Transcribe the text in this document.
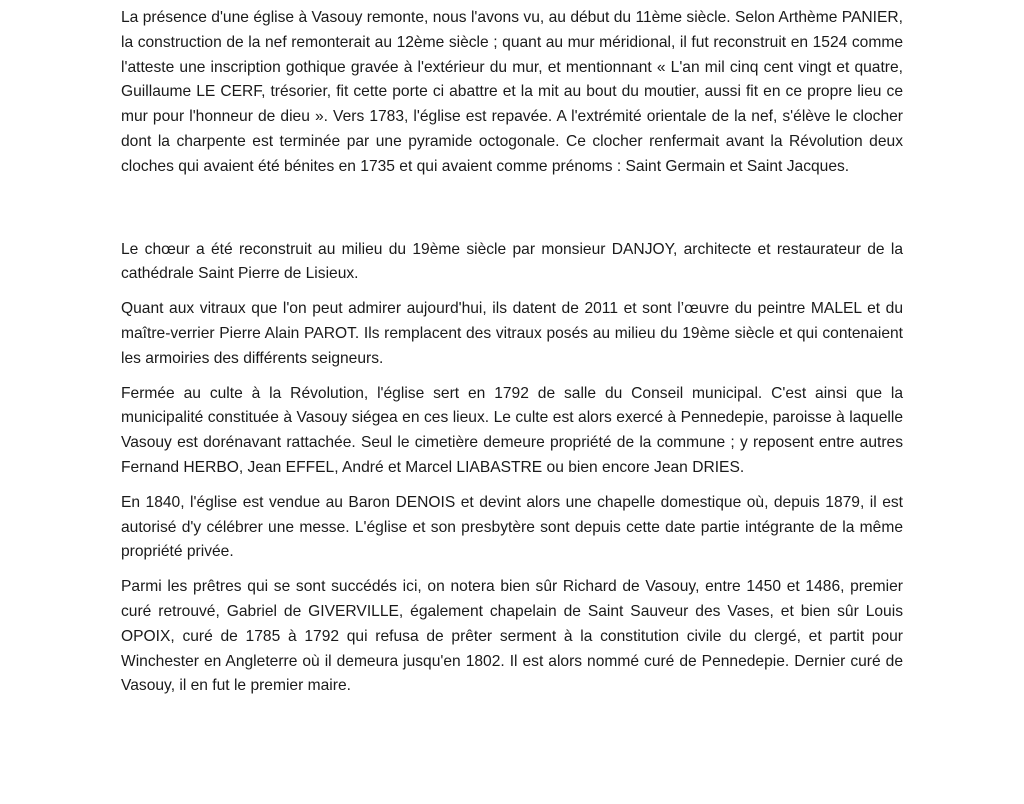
La présence d'une église à Vasouy remonte, nous l'avons vu, au début du 11ème siècle. Selon Arthème PANIER, la construction de la nef remonterait au 12ème siècle ; quant au mur méridional, il fut reconstruit en 1524 comme l'atteste une inscription gothique gravée à l'extérieur du mur, et mentionnant « L'an mil cinq cent vingt et quatre, Guillaume LE CERF, trésorier, fit cette porte ci abattre et la mit au bout du moutier, aussi fit en ce propre lieu ce mur pour l'honneur de dieu ». Vers 1783, l'église est repavée. A l'extrémité orientale de la nef, s'élève le clocher dont la charpente est terminée par une pyramide octogonale. Ce clocher renfermait avant la Révolution deux cloches qui avaient été bénites en 1735 et qui avaient comme prénoms : Saint Germain et Saint Jacques.

Le chœur a été reconstruit au milieu du 19ème siècle par monsieur DANJOY, architecte et restaurateur de la cathédrale Saint Pierre de Lisieux.

Quant aux vitraux que l'on peut admirer aujourd'hui, ils datent de 2011 et sont l’œuvre du peintre MALEL et du maître-verrier Pierre Alain PAROT. Ils remplacent des vitraux posés au milieu du 19ème siècle et qui contenaient les armoiries des différents seigneurs.

Fermée au culte à la Révolution, l'église sert en 1792 de salle du Conseil municipal. C'est ainsi que la municipalité constituée à Vasouy siégea en ces lieux. Le culte est alors exercé à Pennedepie, paroisse à laquelle Vasouy est dorénavant rattachée. Seul le cimetière demeure propriété de la commune ; y reposent entre autres Fernand HERBO, Jean EFFEL, André et Marcel LIABASTRE ou bien encore Jean DRIES.

En 1840, l'église est vendue au Baron DENOIS et devint alors une chapelle domestique où, depuis 1879, il est autorisé d'y célébrer une messe. L'église et son presbytère sont depuis cette date partie intégrante de la même propriété privée.

Parmi les prêtres qui se sont succédés ici, on notera bien sûr Richard de Vasouy, entre 1450 et 1486, premier curé retrouvé, Gabriel de GIVERVILLE, également chapelain de Saint Sauveur des Vases, et bien sûr Louis OPOIX, curé de 1785 à 1792 qui refusa de prêter serment à la constitution civile du clergé, et partit pour Winchester en Angleterre où il demeura jusqu'en 1802. Il est alors nommé curé de Pennedepie. Dernier curé de Vasouy, il en fut le premier maire.
